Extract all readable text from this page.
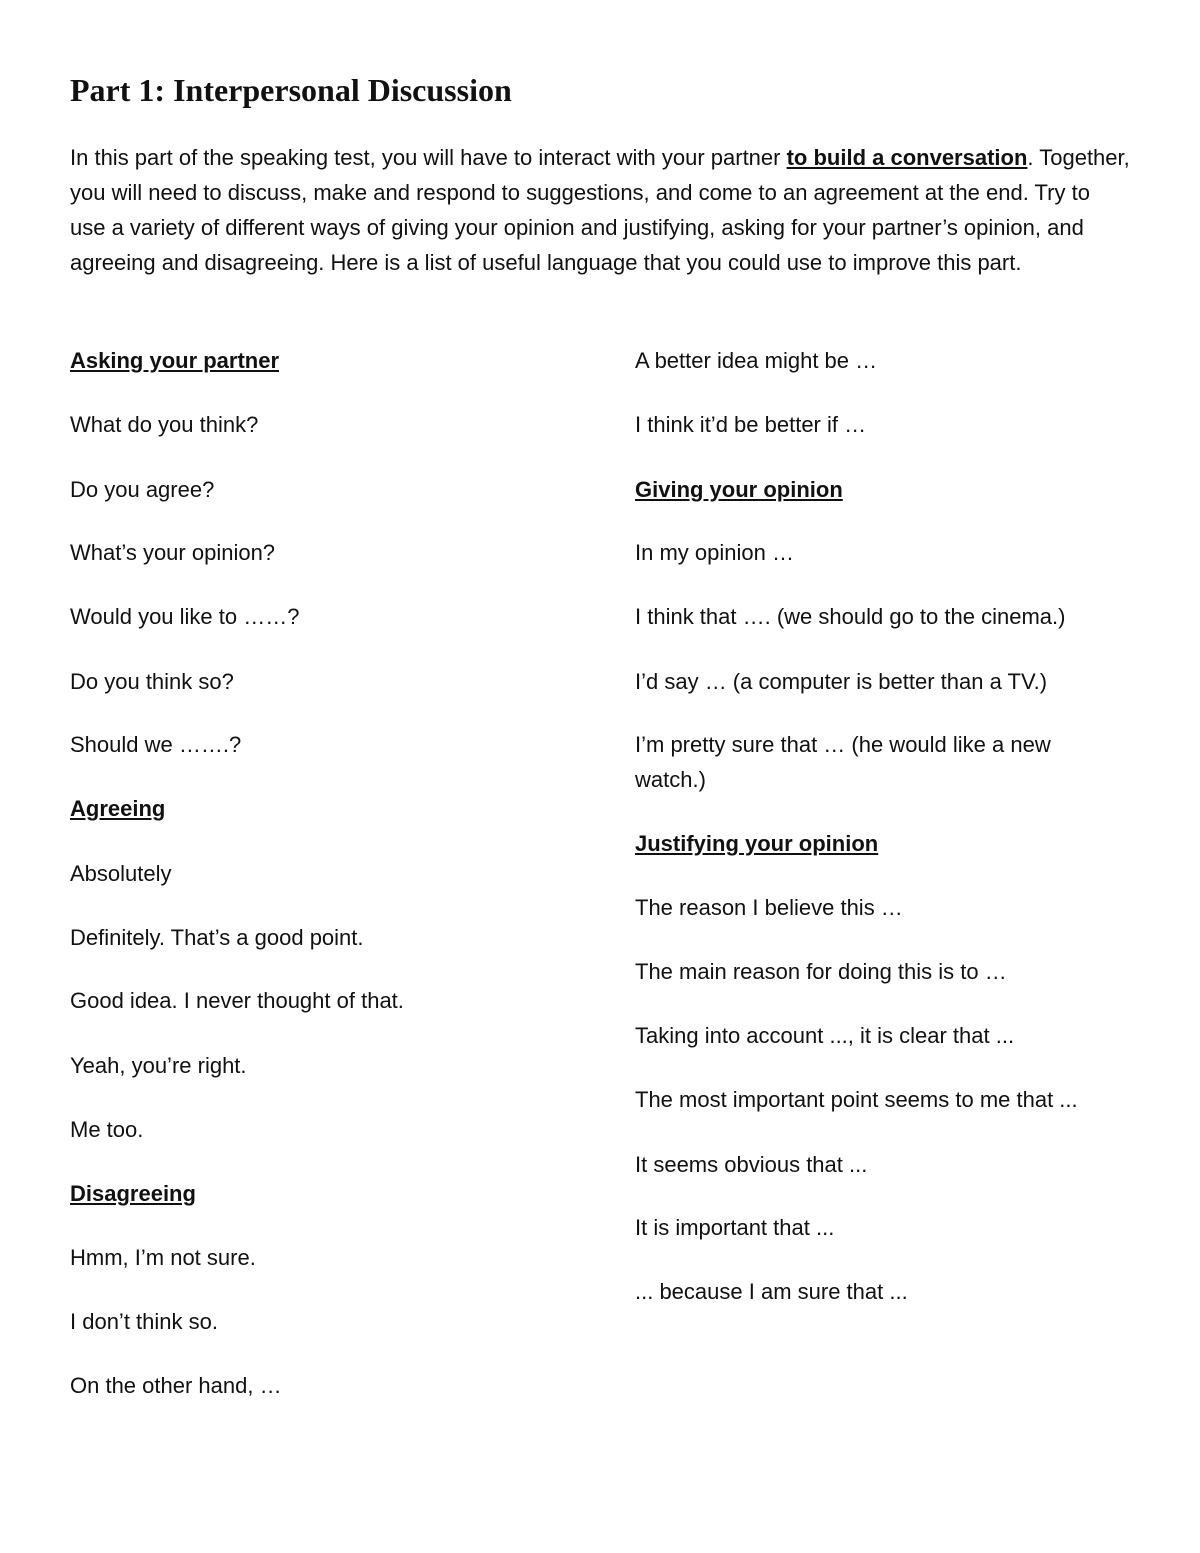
Part 1: Interpersonal Discussion

In this part of the speaking test, you will have to interact with your partner to build a conversation. Together, you will need to discuss, make and respond to suggestions, and come to an agreement at the end. Try to use a variety of different ways of giving your opinion and justifying, asking for your partner’s opinion, and agreeing and disagreeing. Here is a list of useful language that you could use to improve this part.

Asking your partner

What do you think?

Do you agree?

What’s your opinion?

Would you like to ……?

Do you think so?

Should we …….?

Agreeing

Absolutely

Definitely. That’s a good point.

Good idea. I never thought of that.

Yeah, you’re right.

Me too.

Disagreeing

Hmm, I’m not sure.

I don’t think so.

On the other hand, …

A better idea might be …

I think it’d be better if …

Giving your opinion

In my opinion …

I think that …. (we should go to the cinema.)

I’d say … (a computer is better than a TV.)

I’m pretty sure that … (he would like a new watch.)

Justifying your opinion

The reason I believe this …

The main reason for doing this is to …

Taking into account ..., it is clear that ...

The most important point seems to me that ...

It seems obvious that ...

It is important that ...

... because I am sure that ...
